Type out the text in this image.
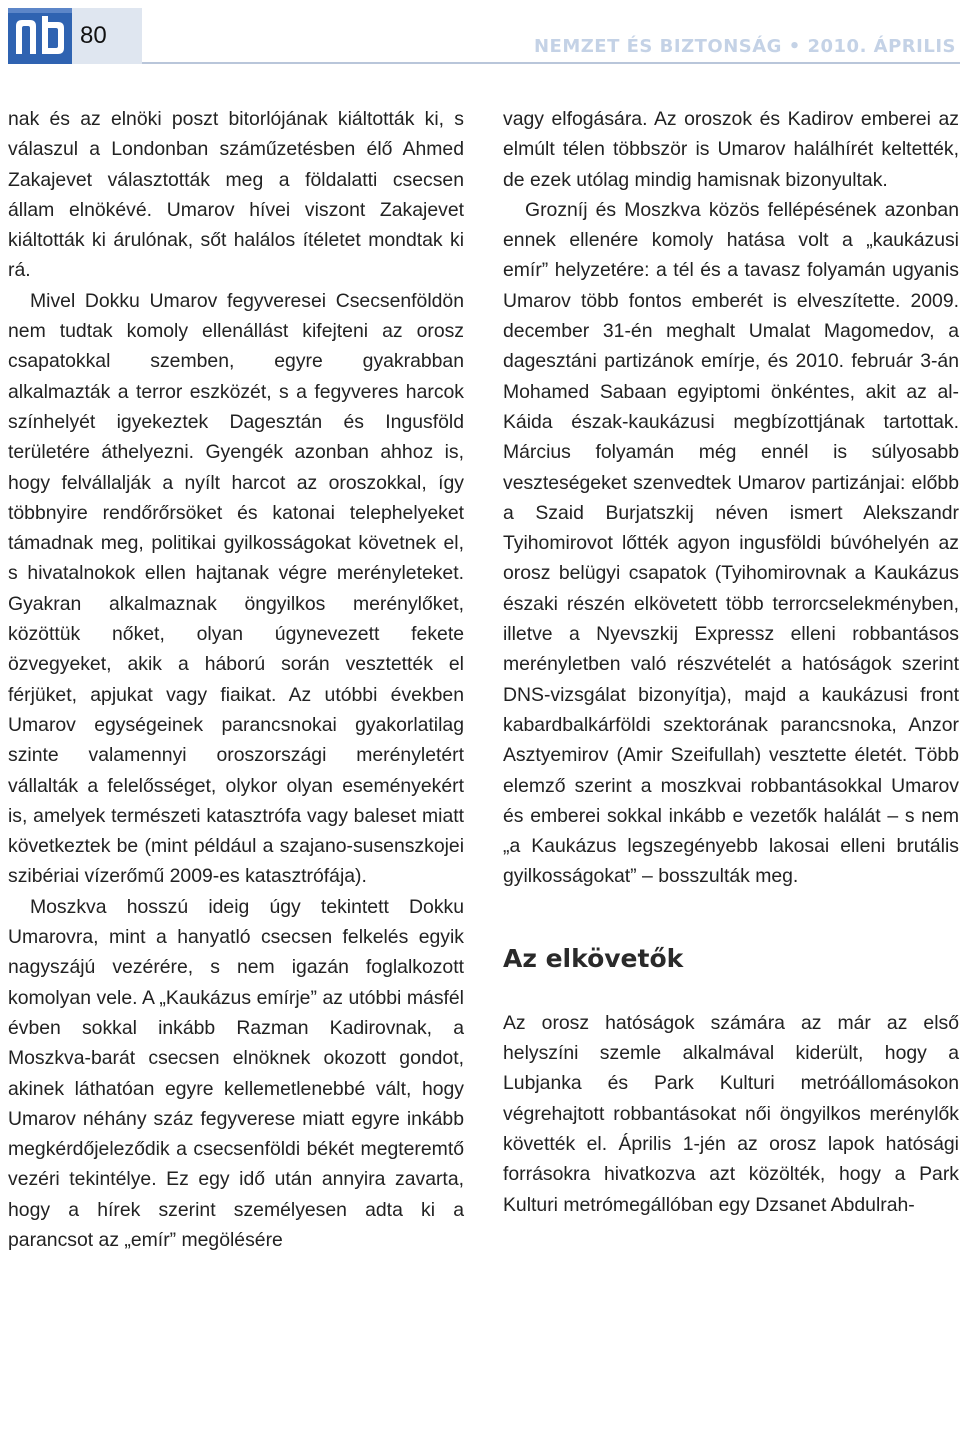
80	NEMZET ÉS BIZTONSÁG • 2010. ÁPRILIS

nak és az elnöki poszt bitorlójának kiáltották ki, s válaszul a Londonban száműzetésben élő Ahmed Zakajevet választották meg a földalatti csecsen állam elnökévé. Umarov hívei viszont Zakajevet kiáltották ki árulónak, sőt halálos ítéletet mondtak ki rá.

Mivel Dokku Umarov fegyveresei Csecsenföldön nem tudtak komoly ellenállást kifejteni az orosz csapatokkal szemben, egyre gyakrabban alkalmazták a terror eszközét, s a fegyveres harcok színhelyét igyekeztek Dagesztán és Ingusföld területére áthelyezni. Gyengék azonban ahhoz is, hogy felvállalják a nyílt harcot az oroszokkal, így többnyire rendőrőrsöket és katonai telephelyeket támadnak meg, politikai gyilkosságokat követnek el, s hivatalnokok ellen hajtanak végre merényleteket. Gyakran alkalmaznak öngyilkos merénylőket, közöttük nőket, olyan úgynevezett fekete özvegyeket, akik a háború során vesztették el férjüket, apjukat vagy fiaikat. Az utóbbi években Umarov egységeinek parancsnokai gyakorlatilag szinte valamennyi oroszországi merényletért vállalták a felelősséget, olykor olyan eseményekért is, amelyek természeti katasztrófa vagy baleset miatt következtek be (mint például a szajano-susenszkojei szibériai vízerőmű 2009-es katasztrófája).

Moszkva hosszú ideig úgy tekintett Dokku Umarovra, mint a hanyatló csecsen felkelés egyik nagyszájú vezérére, s nem igazán foglalkozott komolyan vele. A „Kaukázus emírje” az utóbbi másfél évben sokkal inkább Razman Kadirovnak, a Moszkva-barát csecsen elnöknek okozott gondot, akinek láthatóan egyre kellemetlenebbé vált, hogy Umarov néhány száz fegyverese miatt egyre inkább megkérdőjeleződik a csecsenföldi békét megteremtő vezéri tekintélye. Ez egy idő után annyira zavarta, hogy a hírek szerint személyesen adta ki a parancsot az „emír” megölésére

vagy elfogására. Az oroszok és Kadirov emberei az elmúlt télen többször is Umarov halálhírét keltették, de ezek utólag mindig hamisnak bizonyultak.

Grozníj és Moszkva közös fellépésének azonban ennek ellenére komoly hatása volt a „kaukázusi emír” helyzetére: a tél és a tavasz folyamán ugyanis Umarov több fontos emberét is elveszítette. 2009. december 31-én meghalt Umalat Magomedov, a dagesztáni partizánok emírje, és 2010. február 3-án Mohamed Sabaan egyiptomi önkéntes, akit az al-Káida észak-kaukázusi megbízottjának tartottak. Március folyamán még ennél is súlyosabb veszteségeket szenvedtek Umarov partizánjai: előbb a Szaid Burjatszkij néven ismert Alekszandr Tyihomirovot lőtték agyon ingusföldi búvóhelyén az orosz belügyi csapatok (Tyihomirovnak a Kaukázus északi részén elkövetett több terrorcselekményben, illetve a Nyevszkij Expressz elleni robbantásos merényletben való részvételét a hatóságok szerint DNS-vizsgálat bizonyítja), majd a kaukázusi front kabardbalkárföldi szektorának parancsnoka, Anzor Asztyemirov (Amir Szeifullah) vesztette életét. Több elemző szerint a moszkvai robbantásokkal Umarov és emberei sokkal inkább e vezetők halálát – s nem „a Kaukázus legszegényebb lakosai elleni brutális gyilkosságokat” – bosszulták meg.

Az elkövetők

Az orosz hatóságok számára az már az első helyszíni szemle alkalmával kiderült, hogy a Lubjanka és Park Kulturi metróállomásokon végrehajtott robbantásokat női öngyilkos merénylők követték el. Április 1-jén az orosz lapok hatósági forrásokra hivatkozva azt közölték, hogy a Park Kulturi metrómegállóban egy Dzsanet Abdulrah-
